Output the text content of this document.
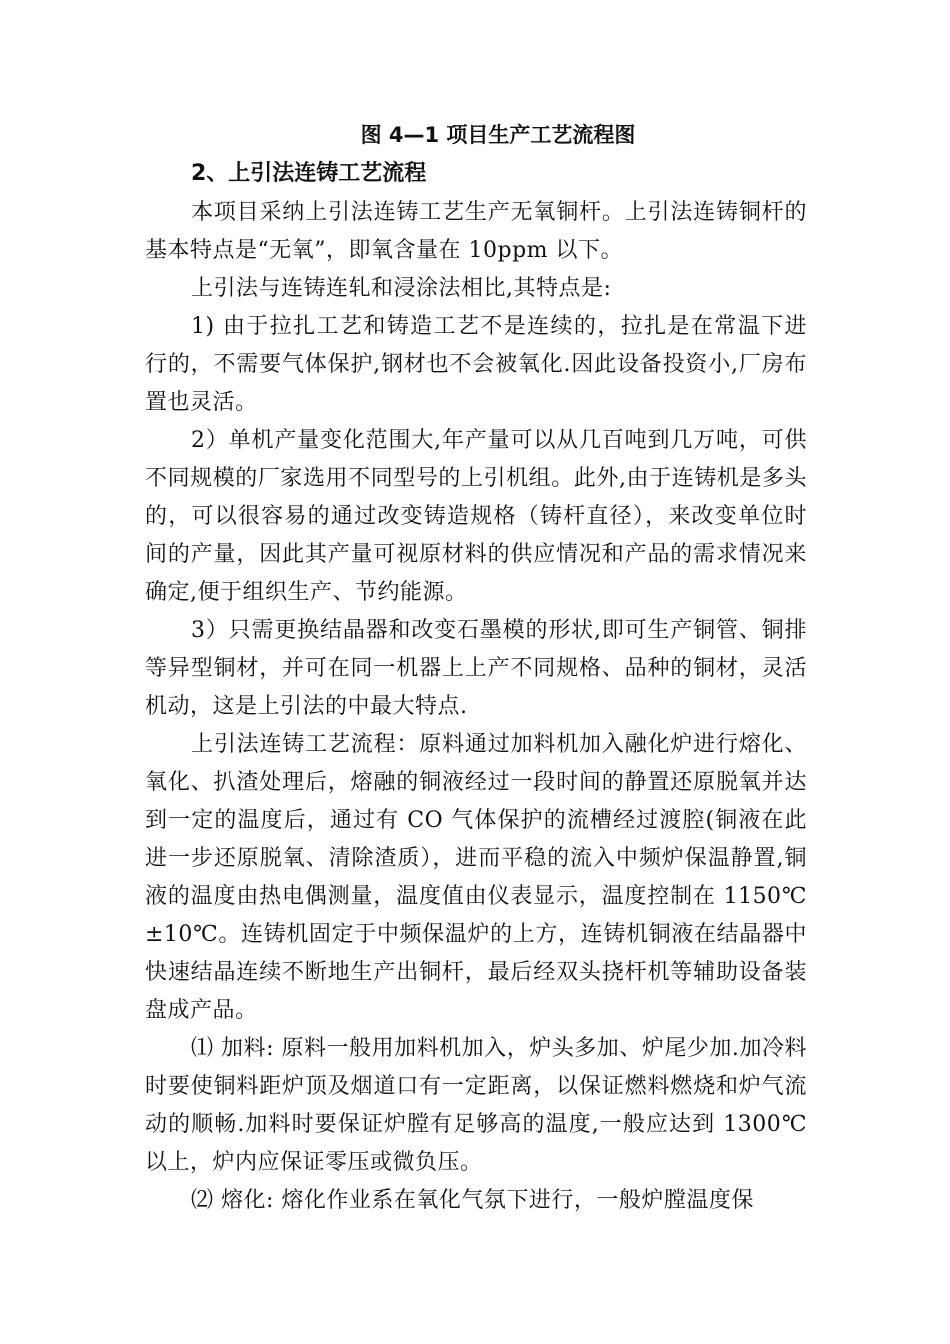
图 4—1 项目生产工艺流程图

2、上引法连铸工艺流程

本项目采纳上引法连铸工艺生产无氧铜杆。上引法连铸铜杆的基本特点是“无氧”，即氧含量在 10ppm 以下。

上引法与连铸连轧和浸涂法相比,其特点是:

1) 由于拉扎工艺和铸造工艺不是连续的，拉扎是在常温下进行的，不需要气体保护,钢材也不会被氧化.因此设备投资小,厂房布置也灵活。

2）单机产量变化范围大,年产量可以从几百吨到几万吨，可供不同规模的厂家选用不同型号的上引机组。此外,由于连铸机是多头的，可以很容易的通过改变铸造规格（铸杆直径），来改变单位时间的产量，因此其产量可视原材料的供应情况和产品的需求情况来确定,便于组织生产、节约能源。

3）只需更换结晶器和改变石墨模的形状,即可生产铜管、铜排等异型铜材，并可在同一机器上上产不同规格、品种的铜材，灵活机动，这是上引法的中最大特点.

上引法连铸工艺流程：原料通过加料机加入融化炉进行熔化、氧化、扒渣处理后，熔融的铜液经过一段时间的静置还原脱氧并达到一定的温度后，通过有 CO 气体保护的流槽经过渡腔(铜液在此进一步还原脱氧、清除渣质），进而平稳的流入中频炉保温静置,铜液的温度由热电偶测量，温度值由仪表显示，温度控制在 1150℃±10℃。连铸机固定于中频保温炉的上方，连铸机铜液在结晶器中快速结晶连续不断地生产出铜杆，最后经双头挠杆机等辅助设备装盘成产品。

⑴ 加料: 原料一般用加料机加入，炉头多加、炉尾少加.加冷料时要使铜料距炉顶及烟道口有一定距离，以保证燃料燃烧和炉气流动的顺畅.加料时要保证炉膛有足够高的温度,一般应达到 1300℃以上，炉内应保证零压或微负压。

⑵ 熔化: 熔化作业系在氧化气氛下进行，一般炉膛温度保
